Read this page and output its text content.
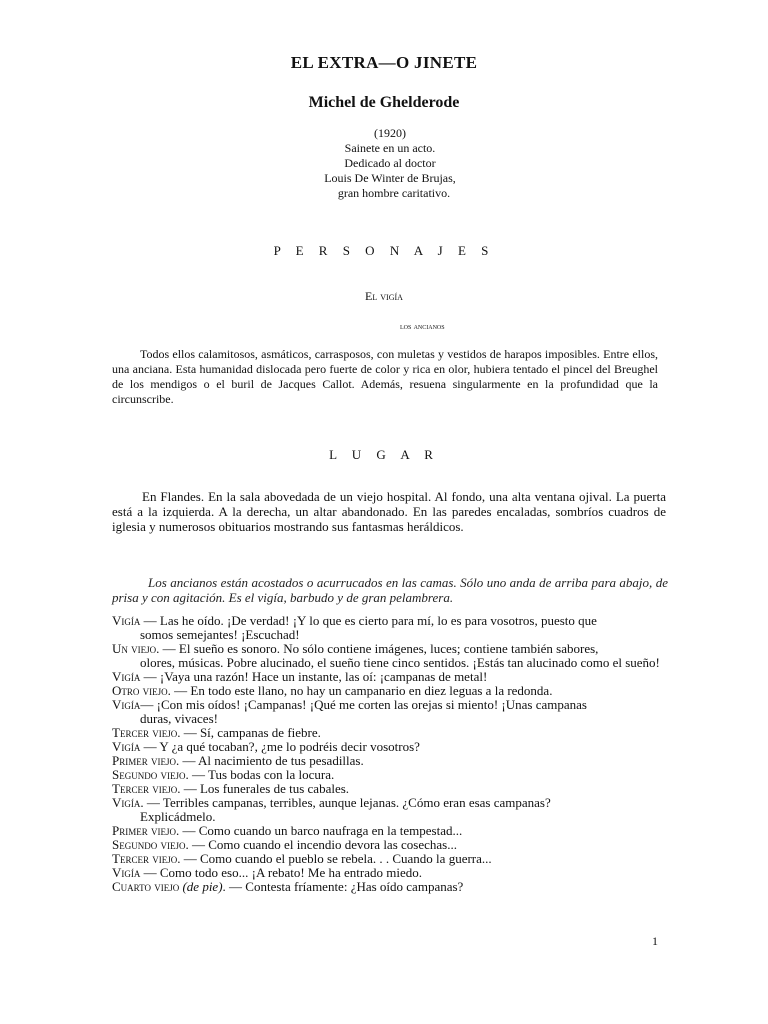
EL EXTRA—O JINETE
Michel de Ghelderode
(1920)
Sainete en un acto.
Dedicado al doctor
Louis De Winter de Brujas,
gran hombre caritativo.
P E R S O N A J E S
El vigía
los ancianos
Todos ellos calamitosos, asmáticos, carrasposos, con muletas y vestidos de harapos imposibles. Entre ellos, una anciana. Esta humanidad dislocada pero fuerte de color y rica en olor, hubiera tentado el pincel del Breughel de los mendigos o el buril de Jacques Callot. Además, resuena singularmente en la profundidad que la circunscribe.
L U G A R
En Flandes. En la sala abovedada de un viejo hospital. Al fondo, una alta ventana ojival. La puerta está a la izquierda. A la derecha, un altar abandonado. En las paredes encaladas, sombríos cuadros de iglesia y numerosos obituarios mostrando sus fantasmas heráldicos.
Los ancianos están acostados o acurrucados en las camas. Sólo uno anda de arriba para abajo, de prisa y con agitación. Es el vigía, barbudo y de gran pelambrera.
Vigía — Las he oído. ¡De verdad! ¡Y lo que es cierto para mí, lo es para vosotros, puesto que
somos semejantes! ¡Escuchad!
Un viejo. — El sueño es sonoro. No sólo contiene imágenes, luces; contiene también sabores,
olores, músicas. Pobre alucinado, el sueño tiene cinco sentidos. ¡Estás tan alucinado como el sueño!
Vigía — ¡Vaya una razón! Hace un instante, las oí: ¡campanas de metal!
Otro viejo. — En todo este llano, no hay un campanario en diez leguas a la redonda.
Vigía— ¡Con mis oídos! ¡Campanas! ¡Qué me corten las orejas si miento! ¡Unas campanas
duras, vivaces!
Tercer viejo. — Sí, campanas de fiebre.
Vigía — Y ¿a qué tocaban?, ¿me lo podréis decir vosotros?
Primer viejo. — Al nacimiento de tus pesadillas.
Segundo viejo. — Tus bodas con la locura.
Tercer viejo. — Los funerales de tus cabales.
Vigía. — Terribles campanas, terribles, aunque lejanas. ¿Cómo eran esas campanas?
Explicádmelo.
Primer viejo. — Como cuando un barco naufraga en la tempestad...
Segundo viejo. — Como cuando el incendio devora las cosechas...
Tercer viejo. — Como cuando el pueblo se rebela. . . Cuando la guerra...
Vigía — Como todo eso... ¡A rebato! Me ha entrado miedo.
Cuarto viejo (de pie). — Contesta fríamente: ¿Has oído campanas?
1
